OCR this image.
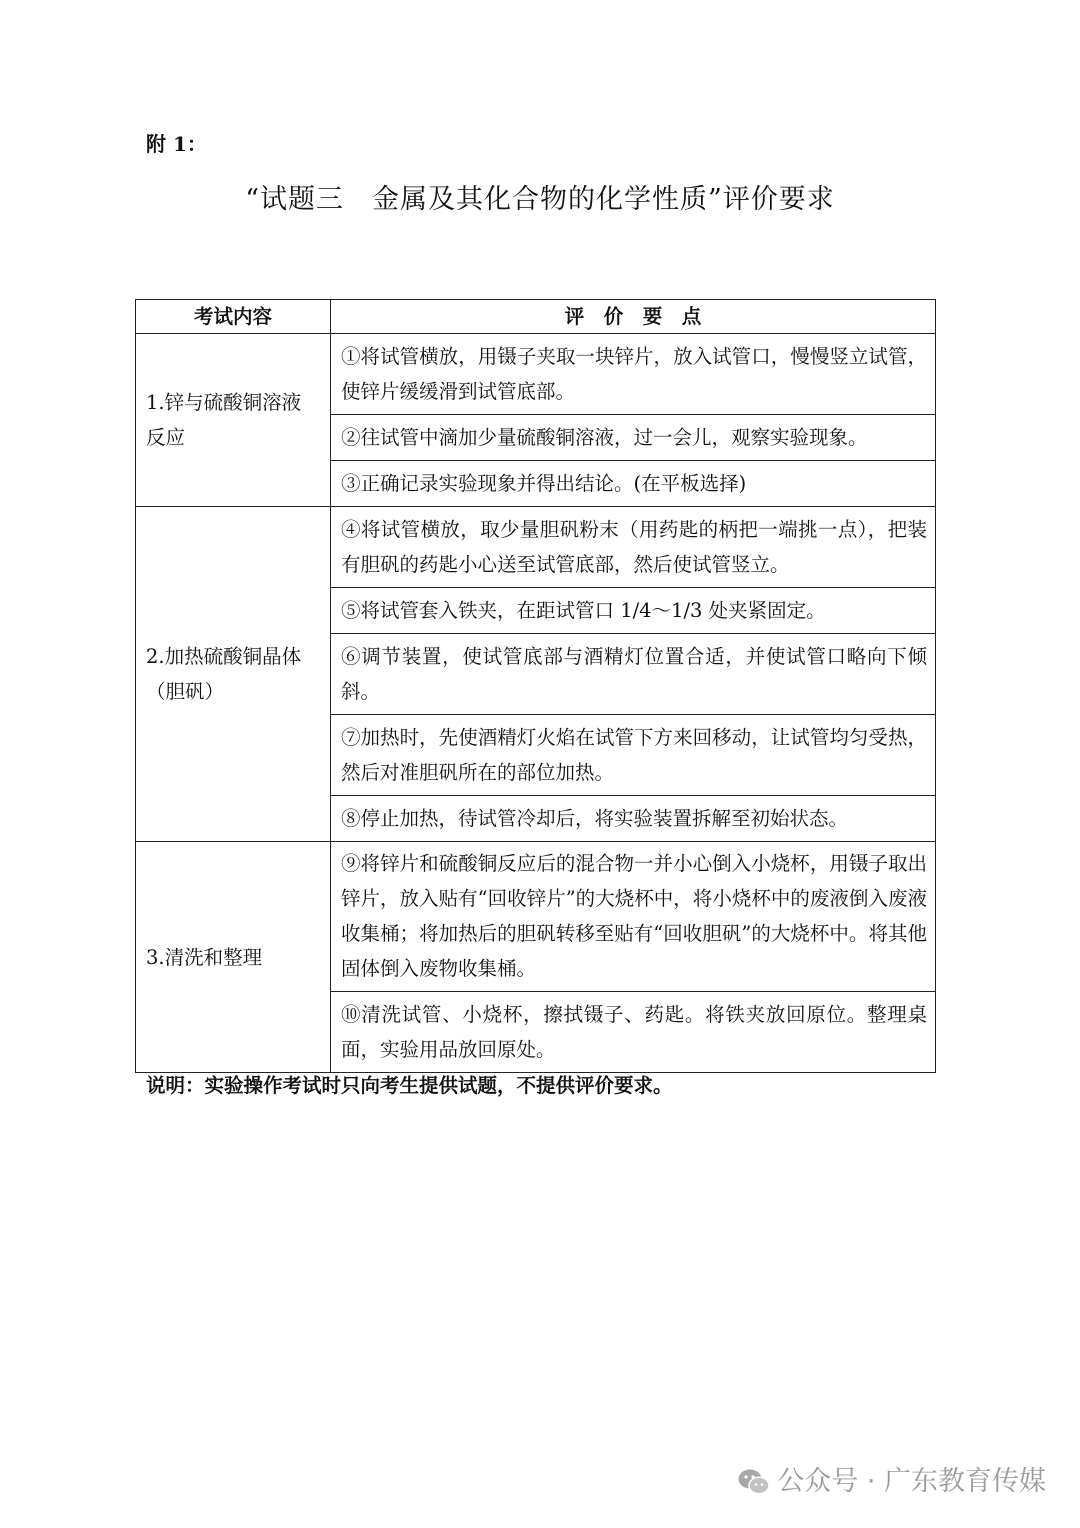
附 1：

“试题三　金属及其化合物的化学性质”评价要求
考试内容	评　价　要　点
1.锌与硫酸铜溶液反应	①将试管横放，用镊子夹取一块锌片，放入试管口，慢慢竖立试管，使锌片缓缓滑到试管底部。
	②往试管中滴加少量硫酸铜溶液，过一会儿，观察实验现象。
	③正确记录实验现象并得出结论。(在平板选择)
2.加热硫酸铜晶体（胆矾）	④将试管横放，取少量胆矾粉末（用药匙的柄把一端挑一点），把装有胆矾的药匙小心送至试管底部，然后使试管竖立。
	⑤将试管套入铁夹，在距试管口 1/4～1/3 处夹紧固定。
	⑥调节装置，使试管底部与酒精灯位置合适，并使试管口略向下倾斜。
	⑦加热时，先使酒精灯火焰在试管下方来回移动，让试管均匀受热，然后对准胆矾所在的部位加热。
	⑧停止加热，待试管冷却后，将实验装置拆解至初始状态。
3.清洗和整理	⑨将锌片和硫酸铜反应后的混合物一并小心倒入小烧杯，用镊子取出锌片，放入贴有“回收锌片”的大烧杯中，将小烧杯中的废液倒入废液收集桶；将加热后的胆矾转移至贴有“回收胆矾”的大烧杯中。将其他固体倒入废物收集桶。
	⑩清洗试管、小烧杯，擦拭镊子、药匙。将铁夹放回原位。整理桌面，实验用品放回原处。

说明：实验操作考试时只向考生提供试题，不提供评价要求。

公众号 · 广东教育传媒
